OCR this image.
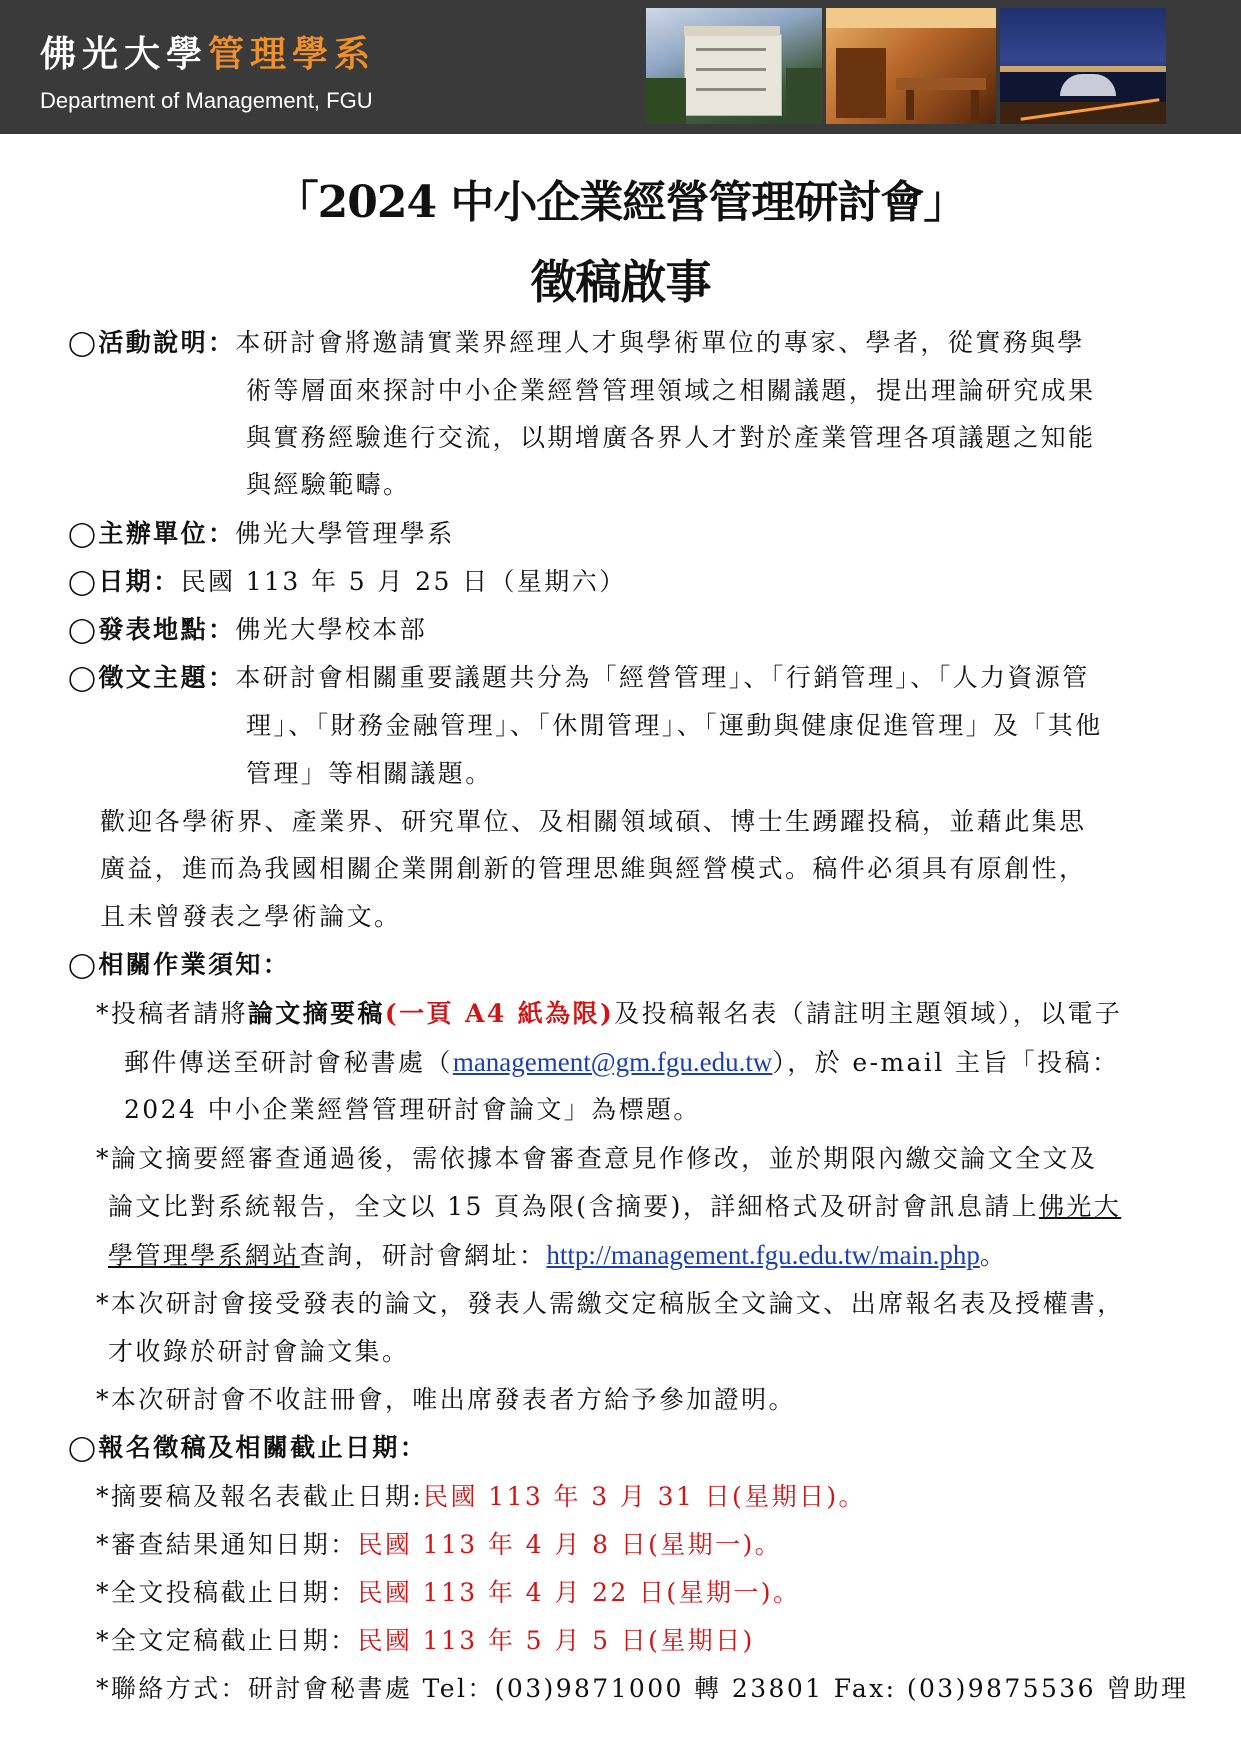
佛光大學管理學系
Department of Management, FGU
「2024 中小企業經營管理研討會」
徵稿啟事
◯活動說明：本研討會將邀請實業界經理人才與學術單位的專家、學者，從實務與學
術等層面來探討中小企業經營管理領域之相關議題，提出理論研究成果
與實務經驗進行交流，以期增廣各界人才對於產業管理各項議題之知能
與經驗範疇。
◯主辦單位：佛光大學管理學系
◯日期：民國 113 年 5 月 25 日（星期六）
◯發表地點：佛光大學校本部
◯徵文主題：本研討會相關重要議題共分為「經營管理」、「行銷管理」、「人力資源管
理」、「財務金融管理」、「休閒管理」、「運動與健康促進管理」及「其他
管理」等相關議題。
歡迎各學術界、產業界、研究單位、及相關領域碩、博士生踴躍投稿，並藉此集思
廣益，進而為我國相關企業開創新的管理思維與經營模式。稿件必須具有原創性，
且未曾發表之學術論文。
◯相關作業須知：
*投稿者請將論文摘要稿(一頁 A4 紙為限)及投稿報名表（請註明主題領域），以電子
郵件傳送至研討會秘書處（management@gm.fgu.edu.tw），於 e-mail 主旨「投稿：
2024 中小企業經營管理研討會論文」為標題。
*論文摘要經審查通過後，需依據本會審查意見作修改，並於期限內繳交論文全文及
論文比對系統報告，全文以 15 頁為限(含摘要)，詳細格式及研討會訊息請上佛光大
學管理學系網站查詢，研討會網址：http://management.fgu.edu.tw/main.php。
*本次研討會接受發表的論文，發表人需繳交定稿版全文論文、出席報名表及授權書，
才收錄於研討會論文集。
*本次研討會不收註冊會，唯出席發表者方給予參加證明。
◯報名徵稿及相關截止日期：
*摘要稿及報名表截止日期:民國 113 年 3 月 31 日(星期日)。
*審查結果通知日期：民國 113 年 4 月 8 日(星期一)。
*全文投稿截止日期：民國 113 年 4 月 22 日(星期一)。
*全文定稿截止日期：民國 113 年 5 月 5 日(星期日)
*聯絡方式：研討會秘書處 Tel：(03)9871000 轉 23801 Fax: (03)9875536 曾助理
